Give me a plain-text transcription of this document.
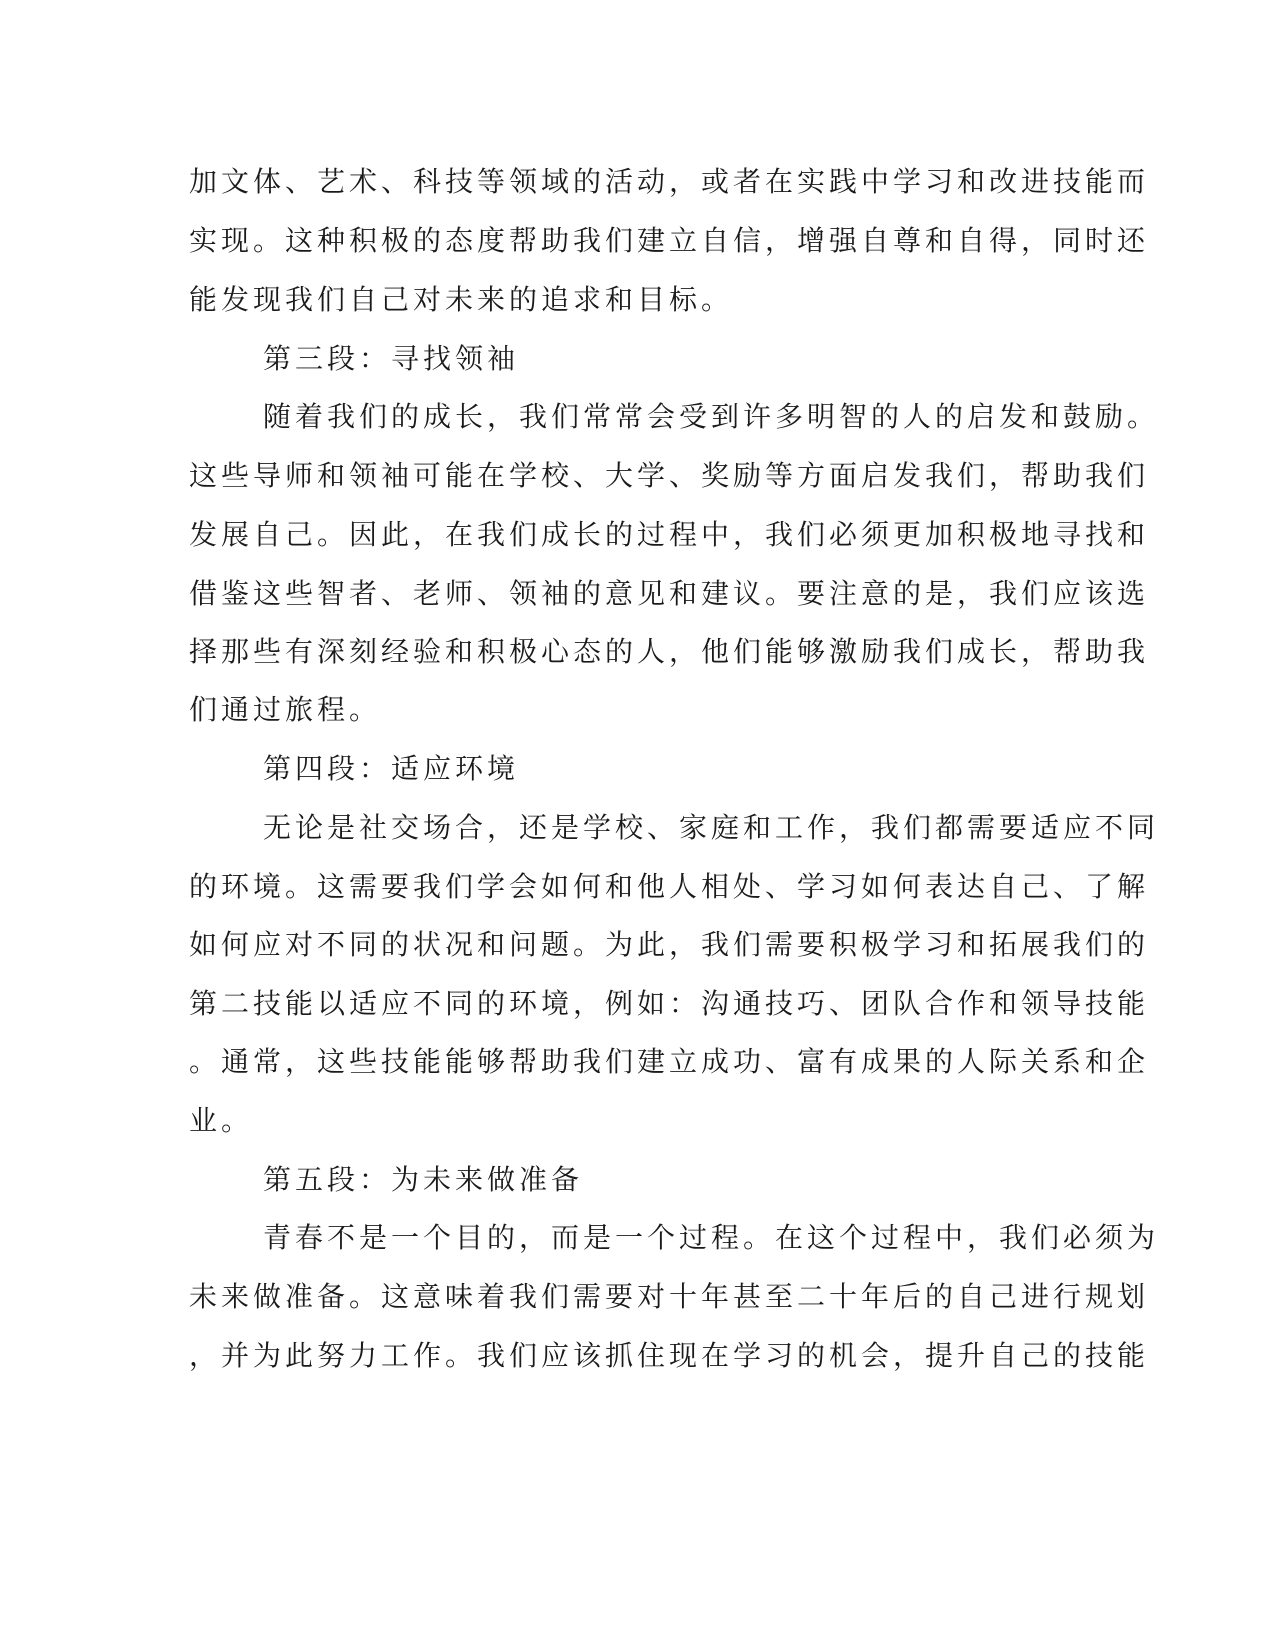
加文体、艺术、科技等领域的活动，或者在实践中学习和改进技能而
实现。这种积极的态度帮助我们建立自信，增强自尊和自得，同时还
能发现我们自己对未来的追求和目标。
第三段：寻找领袖
随着我们的成长，我们常常会受到许多明智的人的启发和鼓励。
这些导师和领袖可能在学校、大学、奖励等方面启发我们，帮助我们
发展自己。因此，在我们成长的过程中，我们必须更加积极地寻找和
借鉴这些智者、老师、领袖的意见和建议。要注意的是，我们应该选
择那些有深刻经验和积极心态的人，他们能够激励我们成长，帮助我
们通过旅程。
第四段：适应环境
无论是社交场合，还是学校、家庭和工作，我们都需要适应不同
的环境。这需要我们学会如何和他人相处、学习如何表达自己、了解
如何应对不同的状况和问题。为此，我们需要积极学习和拓展我们的
第二技能以适应不同的环境，例如：沟通技巧、团队合作和领导技能
。通常，这些技能能够帮助我们建立成功、富有成果的人际关系和企
业。
第五段：为未来做准备
青春不是一个目的，而是一个过程。在这个过程中，我们必须为
未来做准备。这意味着我们需要对十年甚至二十年后的自己进行规划
，并为此努力工作。我们应该抓住现在学习的机会，提升自己的技能
